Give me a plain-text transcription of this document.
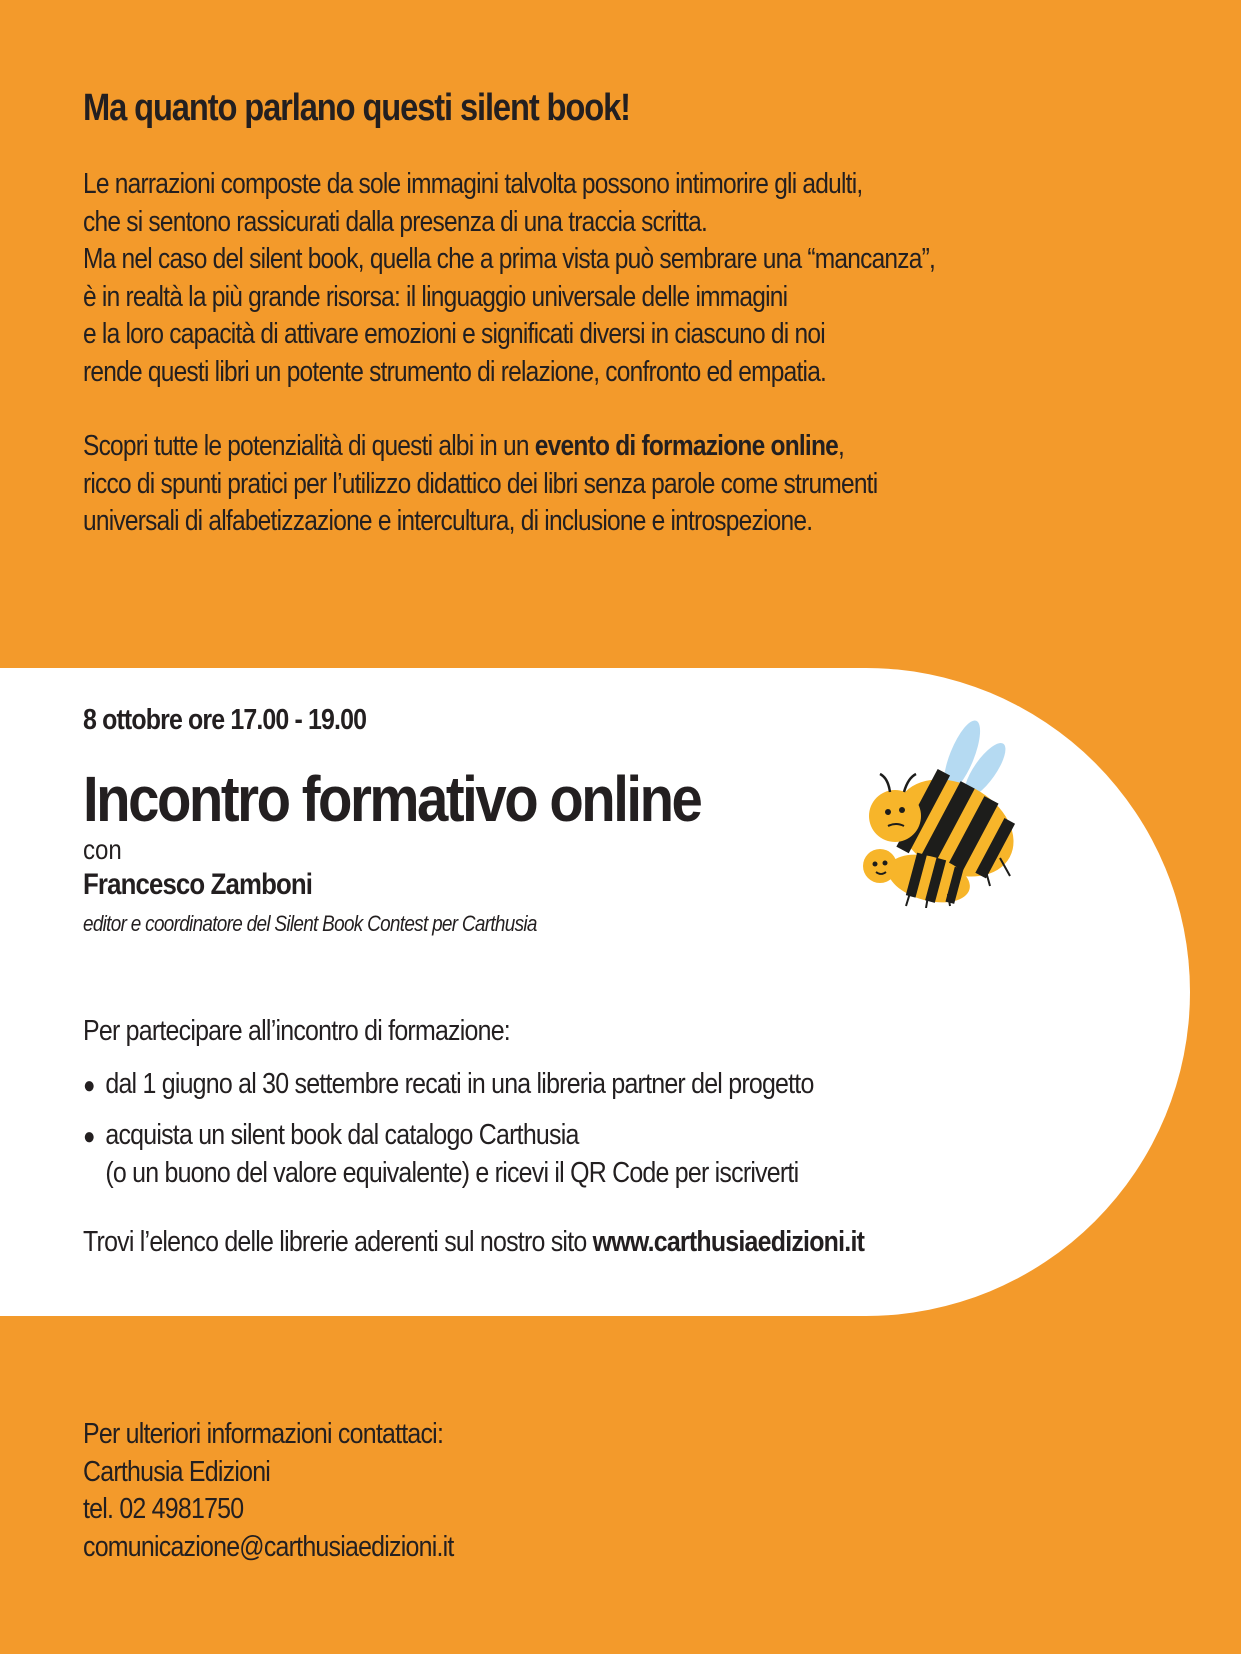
Ma quanto parlano questi silent book!

Le narrazioni composte da sole immagini talvolta possono intimorire gli adulti,
che si sentono rassicurati dalla presenza di una traccia scritta.
Ma nel caso del silent book, quella che a prima vista può sembrare una “mancanza”,
è in realtà la più grande risorsa: il linguaggio universale delle immagini
e la loro capacità di attivare emozioni e significati diversi in ciascuno di noi
rende questi libri un potente strumento di relazione, confronto ed empatia.

Scopri tutte le potenzialità di questi albi in un evento di formazione online,
ricco di spunti pratici per l’utilizzo didattico dei libri senza parole come strumenti
universali di alfabetizzazione e intercultura, di inclusione e introspezione.

8 ottobre ore 17.00 - 19.00
Incontro formativo online
con
Francesco Zamboni
editor e coordinatore del Silent Book Contest per Carthusia
Per partecipare all’incontro di formazione:
● dal 1 giugno al 30 settembre recati in una libreria partner del progetto
● acquista un silent book dal catalogo Carthusia
(o un buono del valore equivalente) e ricevi il QR Code per iscriverti
Trovi l’elenco delle librerie aderenti sul nostro sito www.carthusiaedizioni.it
Per ulteriori informazioni contattaci:
Carthusia Edizioni
tel. 02 4981750
comunicazione@carthusiaedizioni.it
